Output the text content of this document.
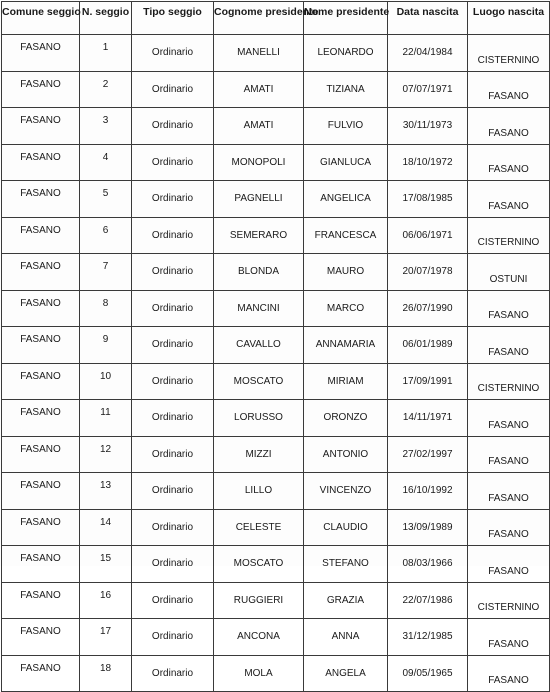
Comune seggio	N. seggio	Tipo seggio	Cognome presidente	Nome presidente	Data nascita	Luogo nascita
FASANO	1	Ordinario	MANELLI	LEONARDO	22/04/1984	CISTERNINO
FASANO	2	Ordinario	AMATI	TIZIANA	07/07/1971	FASANO
FASANO	3	Ordinario	AMATI	FULVIO	30/11/1973	FASANO
FASANO	4	Ordinario	MONOPOLI	GIANLUCA	18/10/1972	FASANO
FASANO	5	Ordinario	PAGNELLI	ANGELICA	17/08/1985	FASANO
FASANO	6	Ordinario	SEMERARO	FRANCESCA	06/06/1971	CISTERNINO
FASANO	7	Ordinario	BLONDA	MAURO	20/07/1978	OSTUNI
FASANO	8	Ordinario	MANCINI	MARCO	26/07/1990	FASANO
FASANO	9	Ordinario	CAVALLO	ANNAMARIA	06/01/1989	FASANO
FASANO	10	Ordinario	MOSCATO	MIRIAM	17/09/1991	CISTERNINO
FASANO	11	Ordinario	LORUSSO	ORONZO	14/11/1971	FASANO
FASANO	12	Ordinario	MIZZI	ANTONIO	27/02/1997	FASANO
FASANO	13	Ordinario	LILLO	VINCENZO	16/10/1992	FASANO
FASANO	14	Ordinario	CELESTE	CLAUDIO	13/09/1989	FASANO
FASANO	15	Ordinario	MOSCATO	STEFANO	08/03/1966	FASANO
FASANO	16	Ordinario	RUGGIERI	GRAZIA	22/07/1986	CISTERNINO
FASANO	17	Ordinario	ANCONA	ANNA	31/12/1985	FASANO
FASANO	18	Ordinario	MOLA	ANGELA	09/05/1965	FASANO
